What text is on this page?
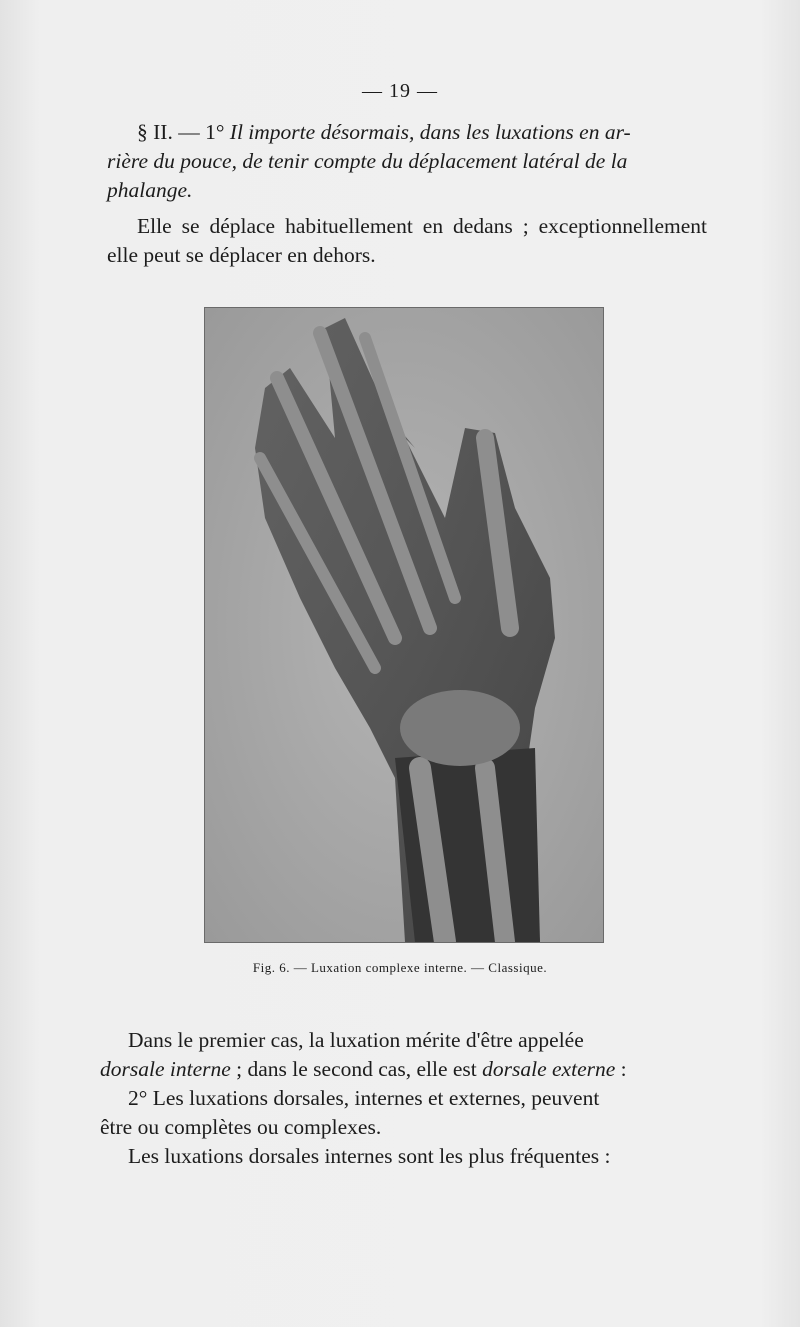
— 19 —
§ II. — 1° Il importe désormais, dans les luxations en ar-
rière du pouce, de tenir compte du déplacement latéral de la
phalange.
Elle se déplace habituellement en dedans ; exceptionnellement elle peut se déplacer en dehors.
Fig. 6. — Luxation complexe interne. — Classique.
Dans le premier cas, la luxation mérite d'être appelée
dorsale interne ; dans le second cas, elle est dorsale externe :
2° Les luxations dorsales, internes et externes, peuvent
être ou complètes ou complexes.
Les luxations dorsales internes sont les plus fréquentes :
